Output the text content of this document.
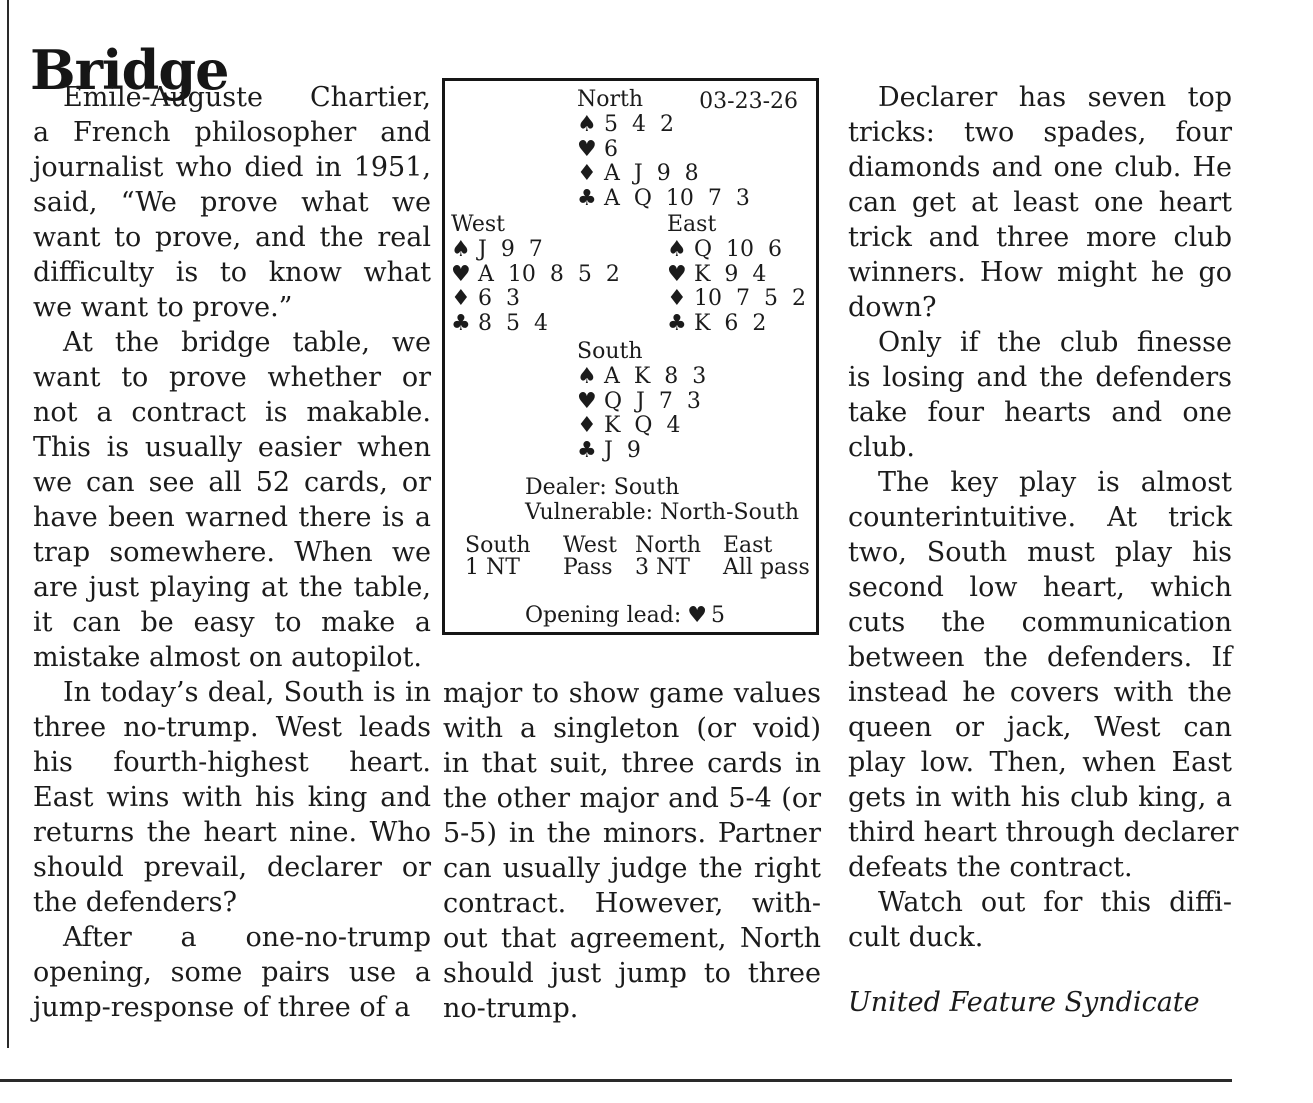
Bridge
Emile-Auguste Chartier,
a French philosopher and
journalist who died in 1951,
said, “We prove what we
want to prove, and the real
difficulty is to know what
we want to prove.”
At the bridge table, we
want to prove whether or
not a contract is makable.
This is usually easier when
we can see all 52 cards, or
have been warned there is a
trap somewhere. When we
are just playing at the table,
it can be easy to make a
mistake almost on autopilot.
In today’s deal, South is in
three no-trump. West leads
his fourth-highest heart.
East wins with his king and
returns the heart nine. Who
should prevail, declarer or
the defenders?
After a one-no-trump
opening, some pairs use a
jump-response of three of a
03-23-26
North
♠ 5 4 2
♥ 6
♦ A J 9 8
♣ A Q 10 7 3
West
♠ J 9 7
♥ A 10 8 5 2
♦ 6 3
♣ 8 5 4
East
♠ Q 10 6
♥ K 9 4
♦ 10 7 5 2
♣ K 6 2
South
♠ A K 8 3
♥ Q J 7 3
♦ K Q 4
♣ J 9
Dealer: South
Vulnerable: North-South
South West North East
1 NT Pass 3 NT All pass
Opening lead: ♥ 5
major to show game values
with a singleton (or void)
in that suit, three cards in
the other major and 5-4 (or
5-5) in the minors. Partner
can usually judge the right
contract. However, with-
out that agreement, North
should just jump to three
no-trump.
Declarer has seven top
tricks: two spades, four
diamonds and one club. He
can get at least one heart
trick and three more club
winners. How might he go
down?
Only if the club finesse
is losing and the defenders
take four hearts and one
club.
The key play is almost
counterintuitive. At trick
two, South must play his
second low heart, which
cuts the communication
between the defenders. If
instead he covers with the
queen or jack, West can
play low. Then, when East
gets in with his club king, a
third heart through declarer
defeats the contract.
Watch out for this diffi-
cult duck.
United Feature Syndicate
